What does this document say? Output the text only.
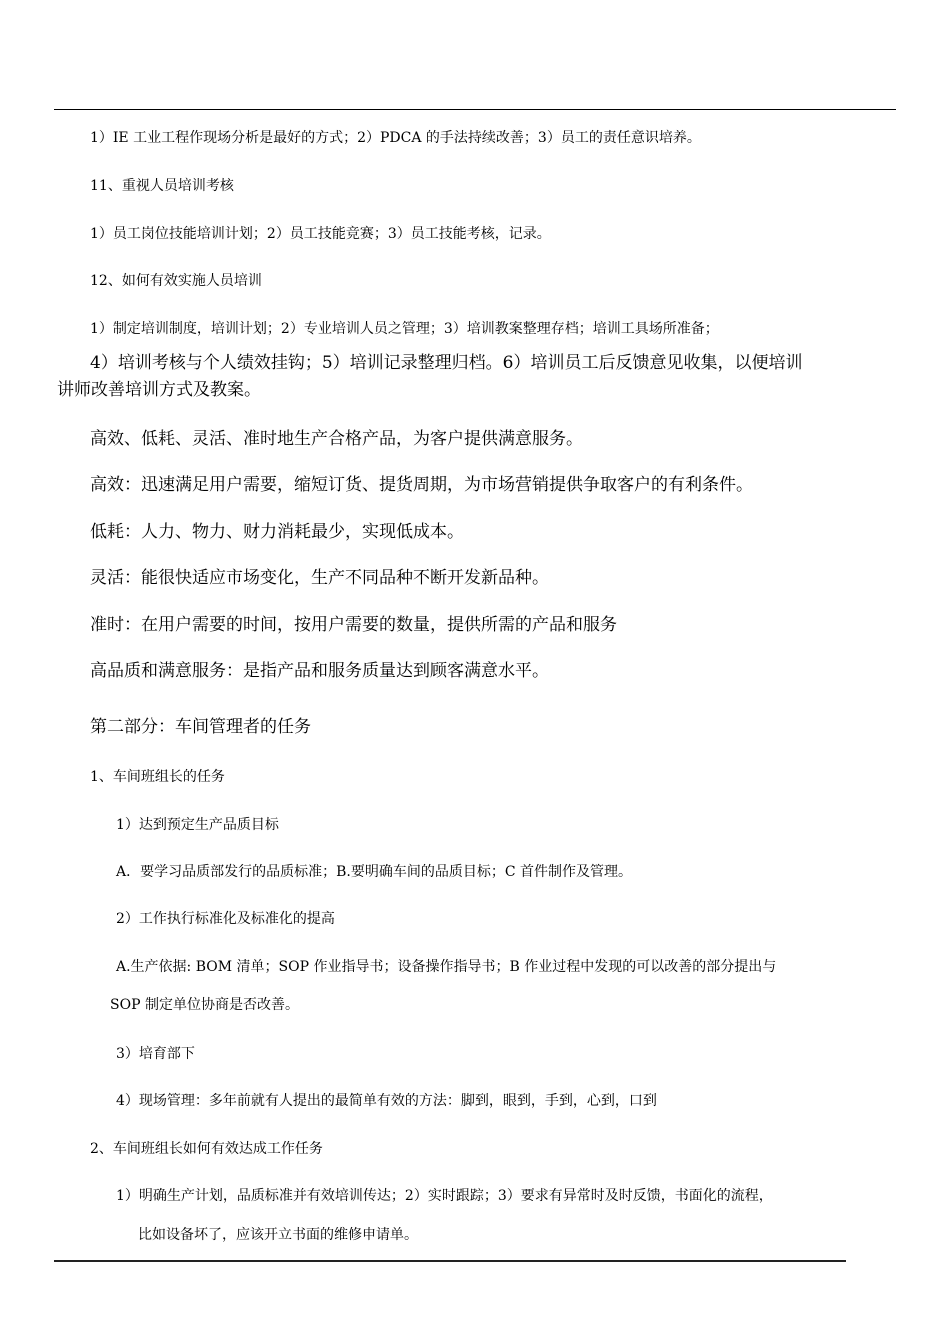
1）IE 工业工程作现场分析是最好的方式；2）PDCA 的手法持续改善；3）员工的责任意识培养。
11、重视人员培训考核
1）员工岗位技能培训计划；2）员工技能竞赛；3）员工技能考核，记录。
12、如何有效实施人员培训
1）制定培训制度，培训计划；2）专业培训人员之管理；3）培训教案整理存档；培训工具场所准备；
4）培训考核与个人绩效挂钩；5）培训记录整理归档。6）培训员工后反馈意见收集，以便培训
讲师改善培训方式及教案。
高效、低耗、灵活、准时地生产合格产品，为客户提供满意服务。
高效：迅速满足用户需要，缩短订货、提货周期，为市场营销提供争取客户的有利条件。
低耗：人力、物力、财力消耗最少，实现低成本。
灵活：能很快适应市场变化，生产不同品种不断开发新品种。
准时：在用户需要的时间，按用户需要的数量，提供所需的产品和服务
高品质和满意服务：是指产品和服务质量达到顾客满意水平。
第二部分：车间管理者的任务
1、车间班组长的任务
1）达到预定生产品质目标
A．要学习品质部发行的品质标准；B.要明确车间的品质目标；C 首件制作及管理。
2）工作执行标准化及标准化的提高
A.生产依据: BOM 清单；SOP 作业指导书；设备操作指导书；B 作业过程中发现的可以改善的部分提出与
SOP 制定单位协商是否改善。
3）培育部下
4）现场管理：多年前就有人提出的最简单有效的方法：脚到，眼到，手到，心到，口到
2、车间班组长如何有效达成工作任务
1）明确生产计划，品质标准并有效培训传达；2）实时跟踪；3）要求有异常时及时反馈，书面化的流程，
比如设备坏了，应该开立书面的维修申请单。
